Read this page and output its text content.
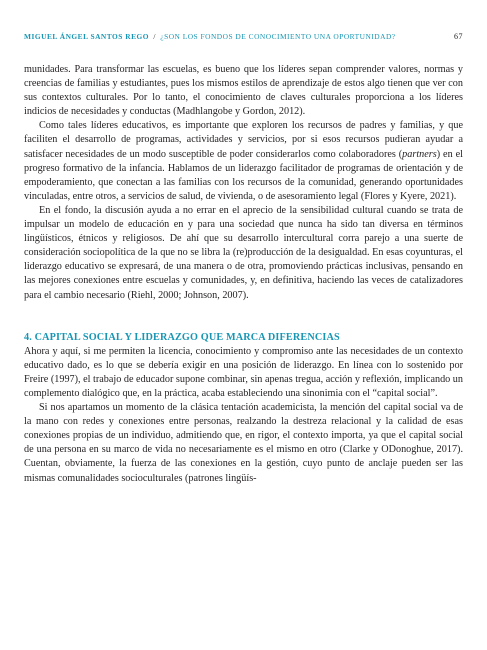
MIGUEL ÁNGEL SANTOS REGO / ¿SON LOS FONDOS DE CONOCIMIENTO UNA OPORTUNIDAD?	67

munidades. Para transformar las escuelas, es bueno que los líderes sepan comprender valores, normas y creencias de familias y estudiantes, pues los mismos estilos de aprendizaje de estos algo tienen que ver con sus contextos culturales. Por lo tanto, el conocimiento de claves culturales proporciona a los líderes indicios de necesidades y conductas (Madhlangobe y Gordon, 2012).

Como tales líderes educativos, es importante que exploren los recursos de padres y familias, y que faciliten el desarrollo de programas, actividades y servicios, por si esos recursos pudieran ayudar a satisfacer necesidades de un modo susceptible de poder considerarlos como colaboradores (partners) en el progreso formativo de la infancia. Hablamos de un liderazgo facilitador de programas de orientación y de empoderamiento, que conectan a las familias con los recursos de la comunidad, generando oportunidades vinculadas, entre otros, a servicios de salud, de vivienda, o de asesoramiento legal (Flores y Kyere, 2021).

En el fondo, la discusión ayuda a no errar en el aprecio de la sensibilidad cultural cuando se trata de impulsar un modelo de educación en y para una sociedad que nunca ha sido tan diversa en términos lingüísticos, étnicos y religiosos. De ahí que su desarrollo intercultural corra parejo a una suerte de consideración sociopolítica de la que no se libra la (re)producción de la desigualdad. En esas coyunturas, el liderazgo educativo se expresará, de una manera o de otra, promoviendo prácticas inclusivas, pensando en las mejores conexiones entre escuelas y comunidades, y, en definitiva, haciendo las veces de catalizadores para el cambio necesario (Riehl, 2000; Johnson, 2007).

4. CAPITAL SOCIAL Y LIDERAZGO QUE MARCA DIFERENCIAS

Ahora y aquí, si me permiten la licencia, conocimiento y compromiso ante las necesidades de un contexto educativo dado, es lo que se debería exigir en una posición de liderazgo. En línea con lo sostenido por Freire (1997), el trabajo de educador supone combinar, sin apenas tregua, acción y reflexión, implicando un complemento dialógico que, en la práctica, acaba estableciendo una sinonimia con el “capital social”.

Si nos apartamos un momento de la clásica tentación academicista, la mención del capital social va de la mano con redes y conexiones entre personas, realzando la destreza relacional y la calidad de esas conexiones propias de un individuo, admitiendo que, en rigor, el contexto importa, ya que el capital social de una persona en su marco de vida no necesariamente es el mismo en otro (Clarke y ODonoghue, 2017). Cuentan, obviamente, la fuerza de las conexiones en la gestión, cuyo punto de anclaje pueden ser las mismas comunalidades socioculturales (patrones lingüís-
